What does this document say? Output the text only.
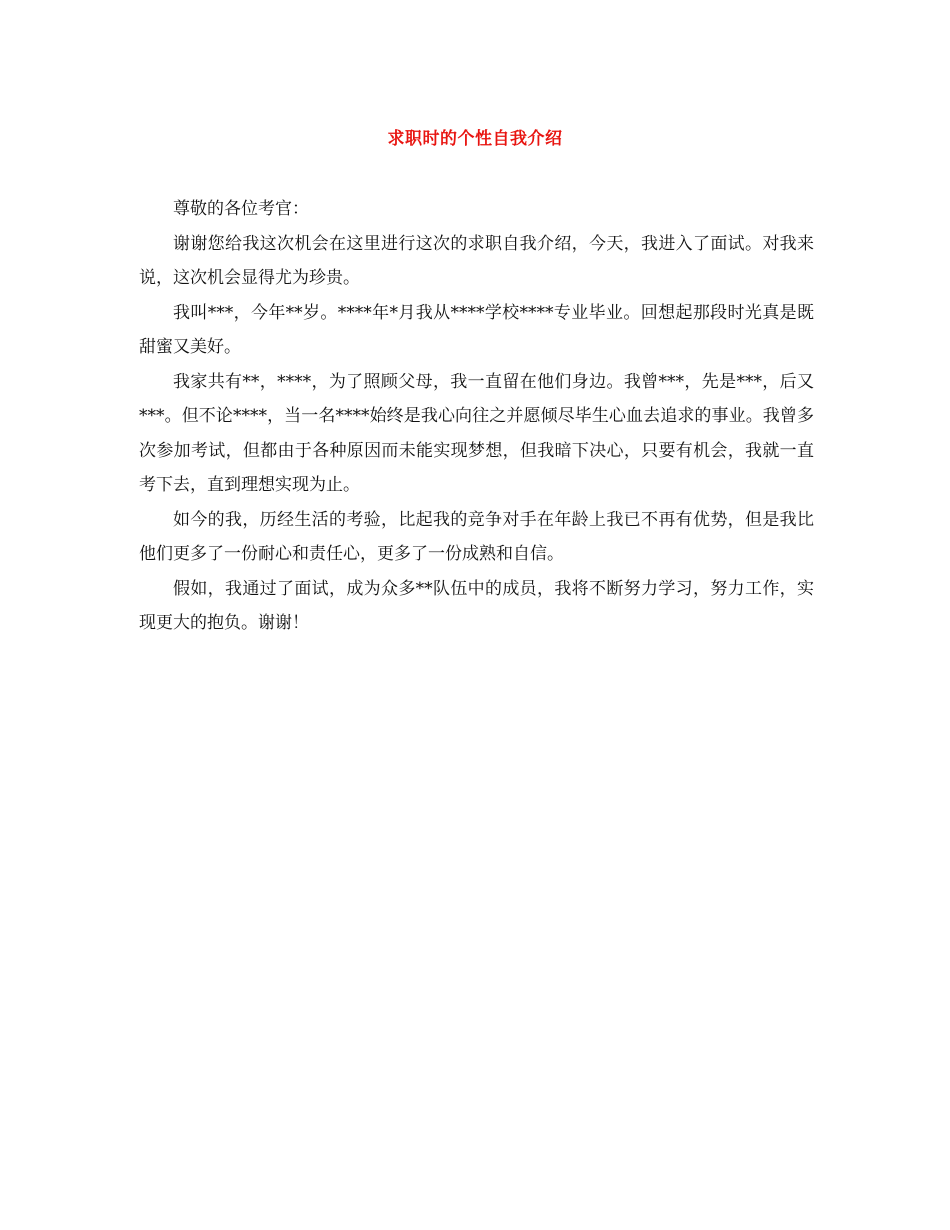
求职时的个性自我介绍

尊敬的各位考官：

谢谢您给我这次机会在这里进行这次的求职自我介绍，今天，我进入了面试。对我来说，这次机会显得尤为珍贵。

我叫***，今年**岁。****年*月我从****学校****专业毕业。回想起那段时光真是既甜蜜又美好。

我家共有**，****，为了照顾父母，我一直留在他们身边。我曾***，先是***，后又***。但不论****，当一名****始终是我心向往之并愿倾尽毕生心血去追求的事业。我曾多次参加考试，但都由于各种原因而未能实现梦想，但我暗下决心，只要有机会，我就一直考下去，直到理想实现为止。

如今的我，历经生活的考验，比起我的竞争对手在年龄上我已不再有优势，但是我比他们更多了一份耐心和责任心，更多了一份成熟和自信。

假如，我通过了面试，成为众多**队伍中的成员，我将不断努力学习，努力工作，实现更大的抱负。谢谢！
